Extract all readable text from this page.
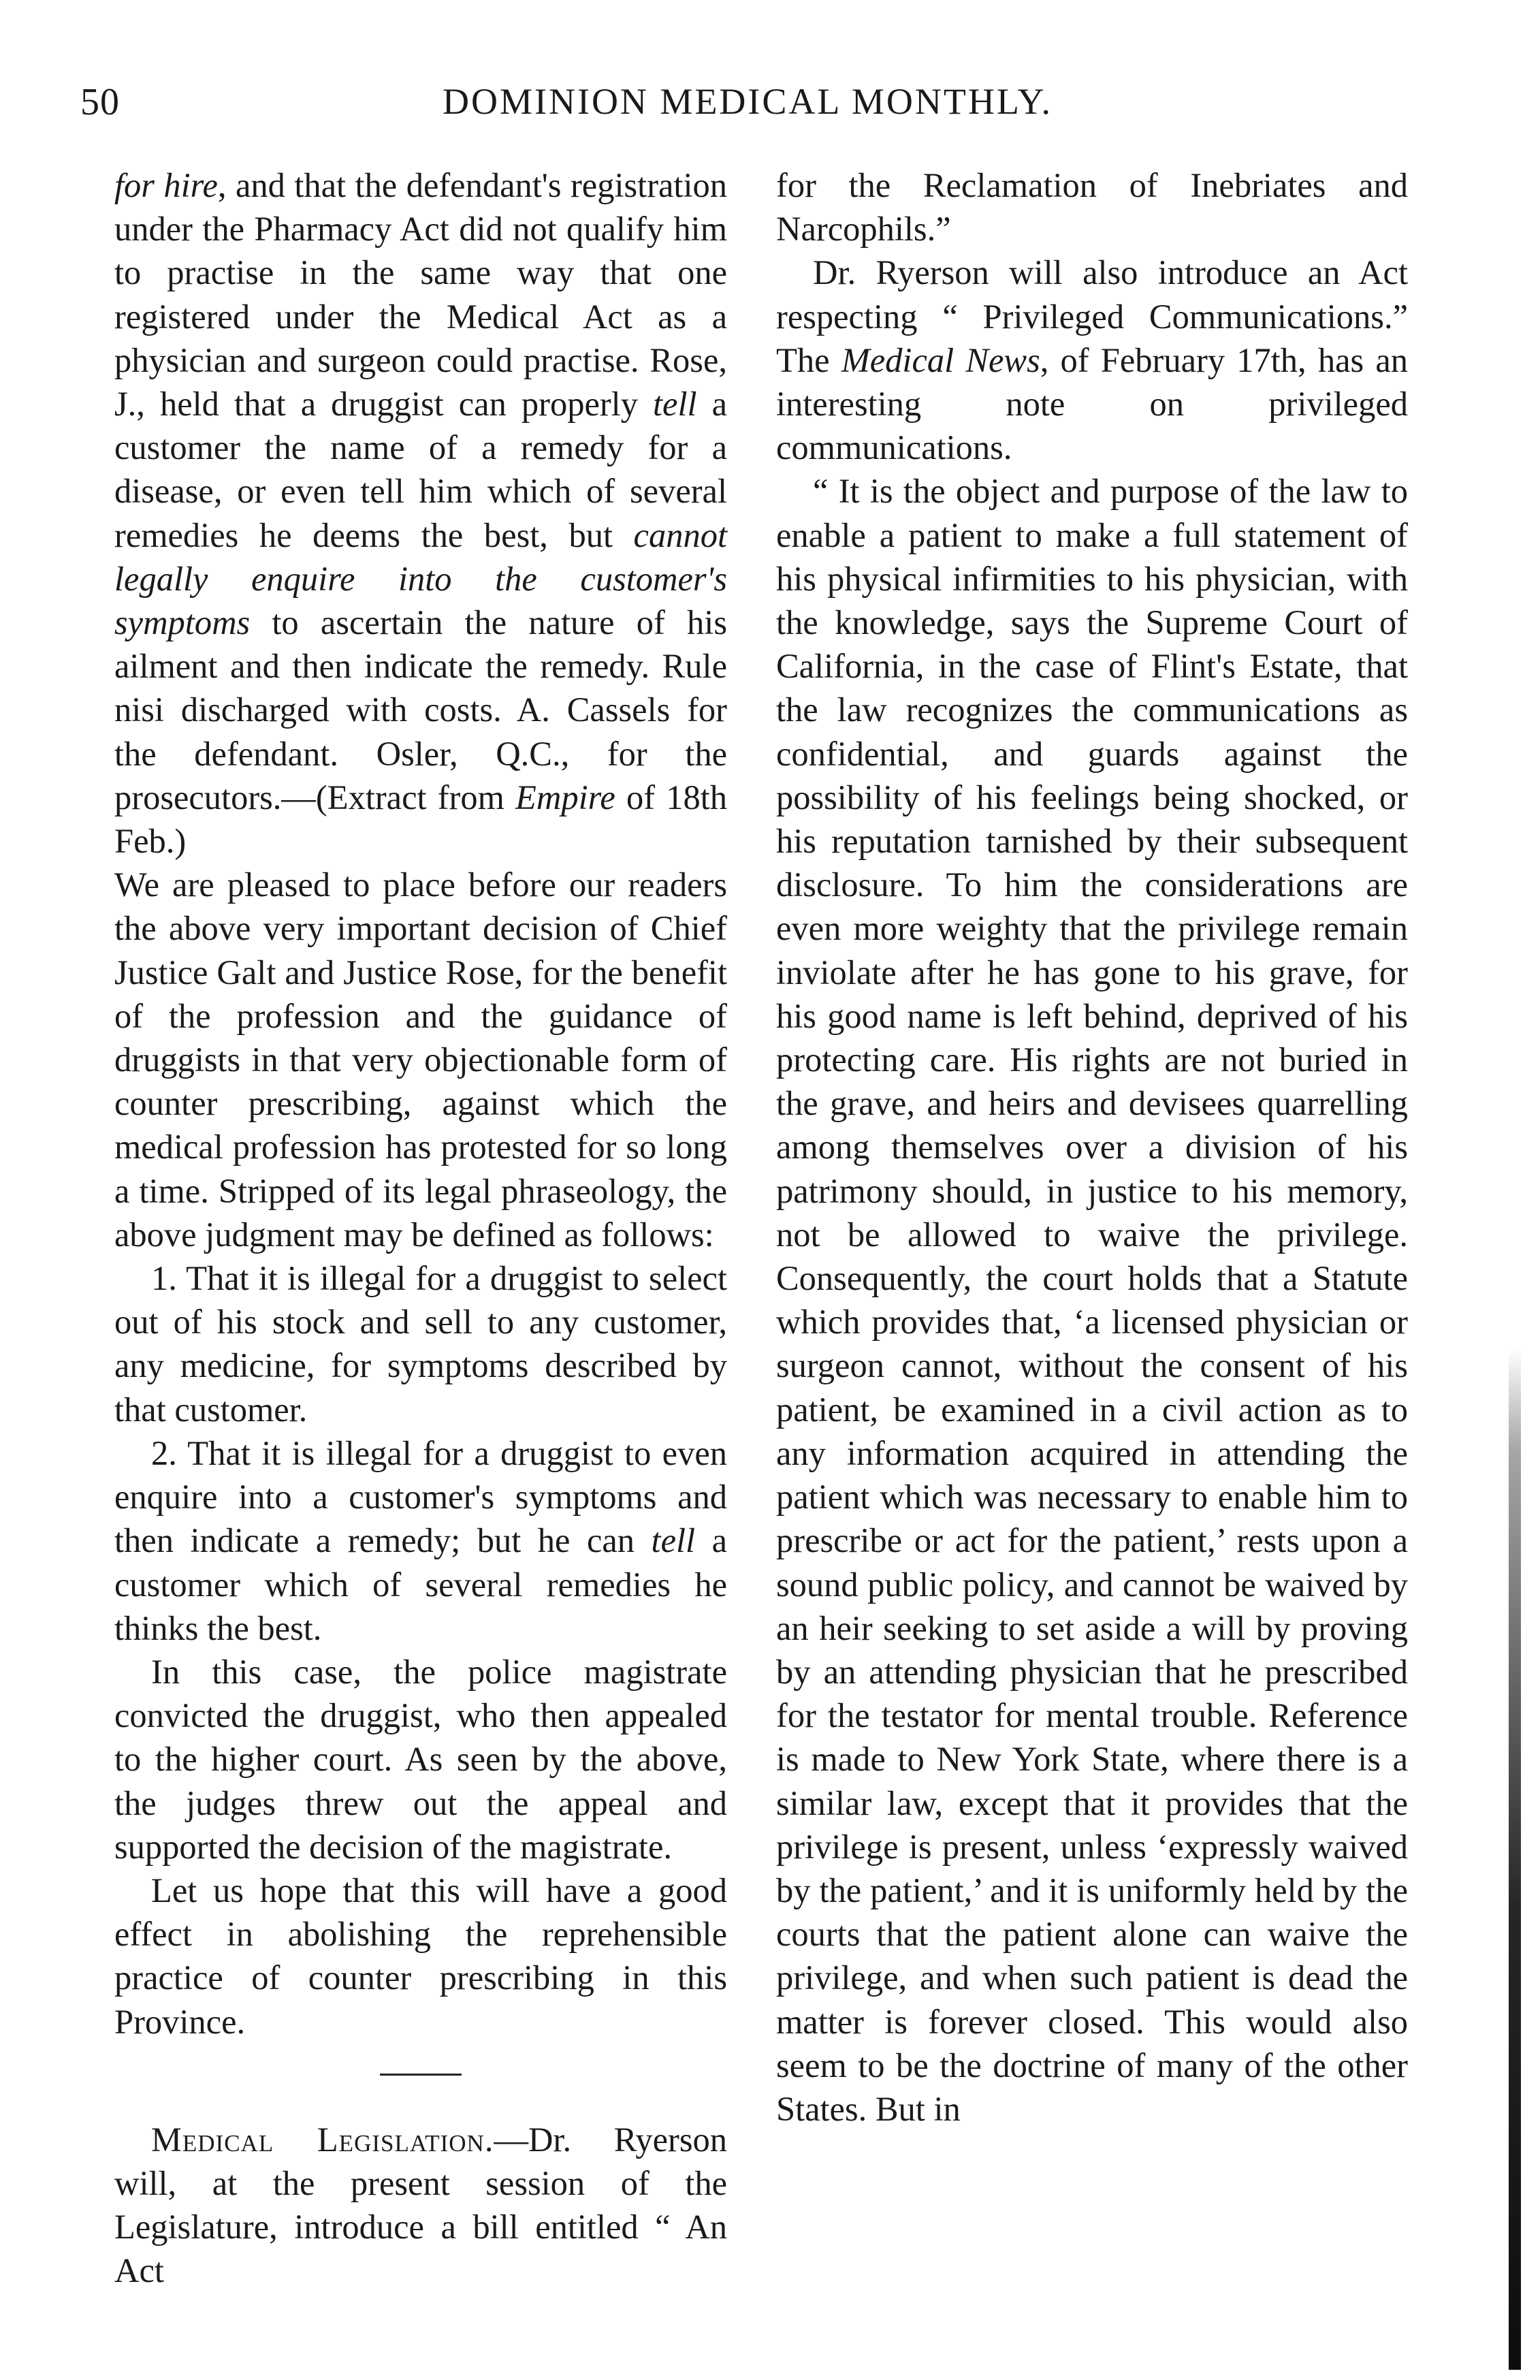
50	DOMINION MEDICAL MONTHLY.

for hire, and that the defendant's registration under the Pharmacy Act did not qualify him to practise in the same way that one registered under the Medical Act as a physician and surgeon could practise. Rose, J., held that a druggist can properly tell a customer the name of a remedy for a disease, or even tell him which of several remedies he deems the best, but cannot legally enquire into the customer's symptoms to ascertain the nature of his ailment and then indicate the remedy. Rule nisi discharged with costs. A. Cassels for the defendant. Osler, Q.C., for the prosecutors.—(Extract from Empire of 18th Feb.)

We are pleased to place before our readers the above very important decision of Chief Justice Galt and Justice Rose, for the benefit of the profession and the guidance of druggists in that very objectionable form of counter prescribing, against which the medical profession has protested for so long a time. Stripped of its legal phraseology, the above judgment may be defined as follows:

1. That it is illegal for a druggist to select out of his stock and sell to any customer, any medicine, for symptoms described by that customer.

2. That it is illegal for a druggist to even enquire into a customer's symptoms and then indicate a remedy; but he can tell a customer which of several remedies he thinks the best.

In this case, the police magistrate convicted the druggist, who then appealed to the higher court. As seen by the above, the judges threw out the appeal and supported the decision of the magistrate.

Let us hope that this will have a good effect in abolishing the reprehensible practice of counter prescribing in this Province.

Medical Legislation.—Dr. Ryerson will, at the present session of the Legislature, introduce a bill entitled “ An Act

for the Reclamation of Inebriates and Narcophils.”

Dr. Ryerson will also introduce an Act respecting “ Privileged Communications.” The Medical News, of February 17th, has an interesting note on privileged communications.

“ It is the object and purpose of the law to enable a patient to make a full statement of his physical infirmities to his physician, with the knowledge, says the Supreme Court of California, in the case of Flint's Estate, that the law recognizes the communications as confidential, and guards against the possibility of his feelings being shocked, or his reputation tarnished by their subsequent disclosure. To him the considerations are even more weighty that the privilege remain inviolate after he has gone to his grave, for his good name is left behind, deprived of his protecting care. His rights are not buried in the grave, and heirs and devisees quarrelling among themselves over a division of his patrimony should, in justice to his memory, not be allowed to waive the privilege. Consequently, the court holds that a Statute which provides that, ‘a licensed physician or surgeon cannot, without the consent of his patient, be examined in a civil action as to any information acquired in attending the patient which was necessary to enable him to prescribe or act for the patient,’ rests upon a sound public policy, and cannot be waived by an heir seeking to set aside a will by proving by an attending physician that he prescribed for the testator for mental trouble. Reference is made to New York State, where there is a similar law, except that it provides that the privilege is present, unless ‘expressly waived by the patient,’ and it is uniformly held by the courts that the patient alone can waive the privilege, and when such patient is dead the matter is forever closed. This would also seem to be the doctrine of many of the other States. But in
